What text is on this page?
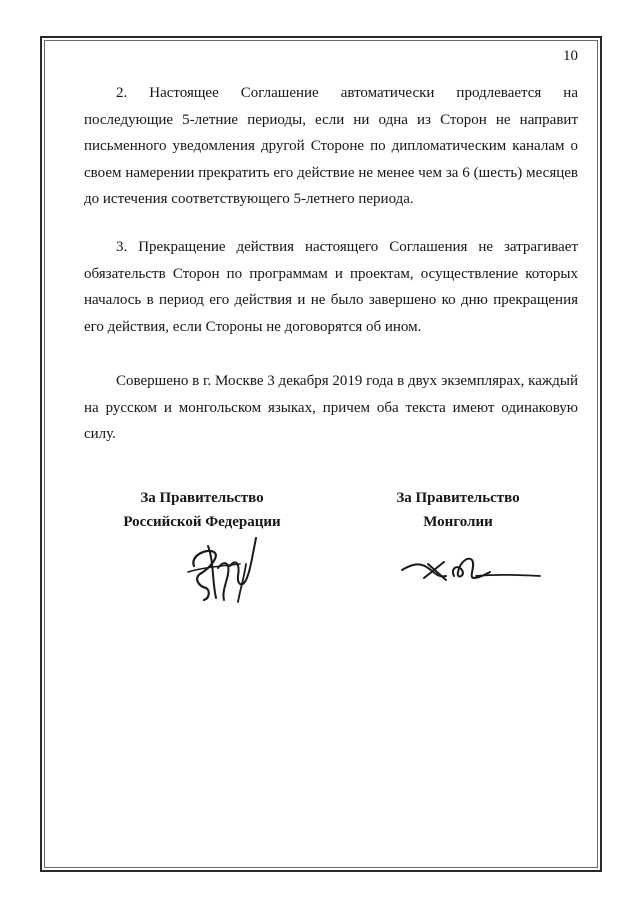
10

2. Настоящее Соглашение автоматически продлевается на последующие 5-летние периоды, если ни одна из Сторон не направит письменного уведомления другой Стороне по дипломатическим каналам о своем намерении прекратить его действие не менее чем за 6 (шесть) месяцев до истечения соответствующего 5-летнего периода.

3. Прекращение действия настоящего Соглашения не затрагивает обязательств Сторон по программам и проектам, осуществление которых началось в период его действия и не было завершено ко дню прекращения его действия, если Стороны не договорятся об ином.

Совершено в г. Москве 3 декабря 2019 года в двух экземплярах, каждый на русском и монгольском языках, причем оба текста имеют одинаковую силу.

За Правительство
Российской Федерации
За Правительство
Монголии
